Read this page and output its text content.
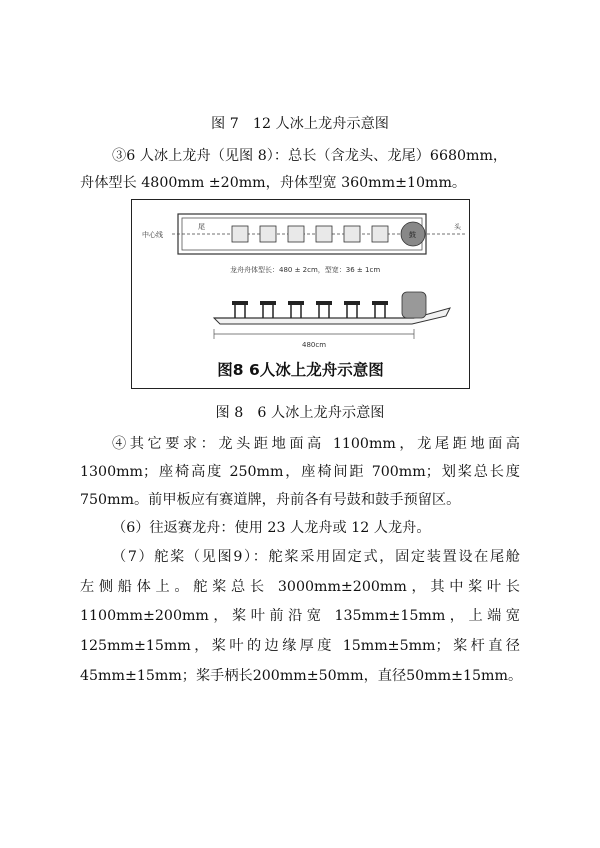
图 7　12 人冰上龙舟示意图
③6 人冰上龙舟（见图 8）：总长（含龙头、龙尾）6680mm，
舟体型长 4800mm ±20mm，舟体型宽 360mm±10mm。
中心线
尾	头
鼓
龙舟舟体型长：480 ± 2cm，型宽：36 ± 1cm
480cm
图8 6人冰上龙舟示意图
图 8　6 人冰上龙舟示意图
④其它要求：龙头距地面高 1100mm，龙尾距地面高
1300mm；座椅高度 250mm，座椅间距 700mm；划桨总长度
750mm。前甲板应有赛道牌，舟前各有号鼓和鼓手预留区。
（6）往返赛龙舟：使用 23 人龙舟或 12 人龙舟。
（7）舵桨（见图9）：舵桨采用固定式，固定装置设在尾舱
左侧船体上。舵桨总长 3000mm±200mm，其中桨叶长
1100mm±200mm，桨叶前沿宽 135mm±15mm，上端宽
125mm±15mm，桨叶的边缘厚度 15mm±5mm；桨杆直径
45mm±15mm；桨手柄长200mm±50mm，直径50mm±15mm。
